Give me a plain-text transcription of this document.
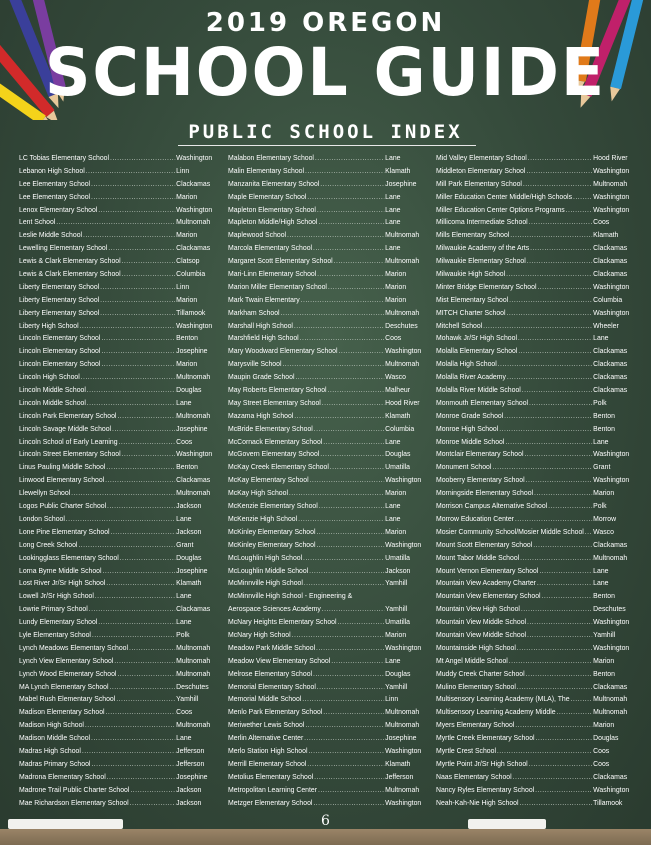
2019 OREGON
SCHOOL GUIDE
PUBLIC SCHOOL INDEX
LC Tobias Elementary School .....	Washington
Lebanon High School .....	Linn
Lee Elementary School .....	Clackamas
Lee Elementary School .....	Marion
Lenox Elementary School .....	Washington
Lent School .....	Multnomah
Leslie Middle School .....	Marion
Lewelling Elementary School .....	Clackamas
Lewis & Clark Elementary School .....	Clatsop
Lewis & Clark Elementary School .....	Columbia
Liberty Elementary School .....	Linn
Liberty Elementary School .....	Marion
Liberty Elementary School .....	Tillamook
Liberty High School .....	Washington
Lincoln Elementary School .....	Benton
Lincoln Elementary School .....	Josephine
Lincoln Elementary School .....	Marion
Lincoln High School .....	Multnomah
Lincoln Middle School .....	Douglas
Lincoln Middle School .....	Lane
Lincoln Park Elementary School .....	Multnomah
Lincoln Savage Middle School .....	Josephine
Lincoln School of Early Learning .....	Coos
Lincoln Street Elementary School .....	Washington
Linus Pauling Middle School .....	Benton
Linwood Elementary School .....	Clackamas
Llewellyn School .....	Multnomah
Logos Public Charter School .....	Jackson
London School .....	Lane
Lone Pine Elementary School .....	Jackson
Long Creek School .....	Grant
Lookingglass Elementary School .....	Douglas
Lorna Byrne Middle School .....	Josephine
Lost River Jr/Sr High School .....	Klamath
Lowell Jr/Sr High School .....	Lane
Lowrie Primary School .....	Clackamas
Lundy Elementary School .....	Lane
Lyle Elementary School .....	Polk
Lynch Meadows Elementary School .....	Multnomah
Lynch View Elementary School .....	Multnomah
Lynch Wood Elementary School .....	Multnomah
MA Lynch Elementary School .....	Deschutes
Mabel Rush Elementary School .....	Yamhill
Madison Elementary School .....	Coos
Madison High School .....	Multnomah
Madison Middle School .....	Lane
Madras High School .....	Jefferson
Madras Primary School .....	Jefferson
Madrona Elementary School .....	Josephine
Madrone Trail Public Charter School .....	Jackson
Mae Richardson Elementary School .....	Jackson
Malabon Elementary School .....	Lane
Malin Elementary School .....	Klamath
Manzanita Elementary School .....	Josephine
Maple Elementary School .....	Lane
Mapleton Elementary School .....	Lane
Mapleton Middle/High School .....	Lane
Maplewood School .....	Multnomah
Marcola Elementary School .....	Lane
Margaret Scott Elementary School .....	Multnomah
Mari-Linn Elementary School .....	Marion
Marion Miller Elementary School .....	Marion
Mark Twain Elementary .....	Marion
Markham School .....	Multnomah
Marshall High School .....	Deschutes
Marshfield High School .....	Coos
Mary Woodward Elementary School .....	Washington
Marysville School .....	Multnomah
Maupin Grade School .....	Wasco
May Roberts Elementary School .....	Malheur
May Street Elementary School .....	Hood River
Mazama High School .....	Klamath
McBride Elementary School .....	Columbia
McCornack Elementary School .....	Lane
McGovern Elementary School .....	Douglas
McKay Creek Elementary School .....	Umatilla
McKay Elementary School .....	Washington
McKay High School .....	Marion
McKenzie Elementary School .....	Lane
McKenzie High School .....	Lane
McKinley Elementary School .....	Marion
McKinley Elementary School .....	Washington
McLoughlin High School .....	Umatilla
McLoughlin Middle School .....	Jackson
McMinnville High School .....	Yamhill
McMinnville High School - Engineering &
Aerospace Sciences Academy .....	Yamhill
McNary Heights Elementary School .....	Umatilla
McNary High School .....	Marion
Meadow Park Middle School .....	Washington
Meadow View Elementary School .....	Lane
Melrose Elementary School .....	Douglas
Memorial Elementary School .....	Yamhill
Memorial Middle School .....	Linn
Menlo Park Elementary School .....	Multnomah
Meriwether Lewis School .....	Multnomah
Merlin Alternative Center .....	Josephine
Merlo Station High School .....	Washington
Merrill Elementary School .....	Klamath
Metolius Elementary School .....	Jefferson
Metropolitan Learning Center .....	Multnomah
Metzger Elementary School .....	Washington
Mid Valley Elementary School .....	Hood River
Middleton Elementary School .....	Washington
Mill Park Elementary School .....	Multnomah
Miller Education Center Middle/High Schools .....	Washington
Miller Education Center Options Programs .....	Washington
Millicoma Intermediate School .....	Coos
Mills Elementary School .....	Klamath
Milwaukie Academy of the Arts .....	Clackamas
Milwaukie Elementary School .....	Clackamas
Milwaukie High School .....	Clackamas
Minter Bridge Elementary School .....	Washington
Mist Elementary School .....	Columbia
MITCH Charter School .....	Washington
Mitchell School .....	Wheeler
Mohawk Jr/Sr High School .....	Lane
Molalla Elementary School .....	Clackamas
Molalla High School .....	Clackamas
Molalla River Academy .....	Clackamas
Molalla River Middle School .....	Clackamas
Monmouth Elementary School .....	Polk
Monroe Grade School .....	Benton
Monroe High School .....	Benton
Monroe Middle School .....	Lane
Montclair Elementary School .....	Washington
Monument School .....	Grant
Mooberry Elementary School .....	Washington
Morningside Elementary School .....	Marion
Morrison Campus Alternative School .....	Polk
Morrow Education Center .....	Morrow
Mosier Community School/Mosier Middle School ..... Wasco
Mount Scott Elementary School .....	Clackamas
Mount Tabor Middle School .....	Multnomah
Mount Vernon Elementary School .....	Lane
Mountain View Academy Charter .....	Lane
Mountain View Elementary School .....	Benton
Mountain View High School .....	Deschutes
Mountain View Middle School .....	Washington
Mountain View Middle School .....	Yamhill
Mountainside High School .....	Washington
Mt Angel Middle School .....	Marion
Muddy Creek Charter School .....	Benton
Mulino Elementary School .....	Clackamas
Multisensory Learning Academy (MLA), The .....	Multnomah
Multisensory Learning Academy Middle .....	Multnomah
Myers Elementary School .....	Marion
Myrtle Creek Elementary School .....	Douglas
Myrtle Crest School .....	Coos
Myrtle Point Jr/Sr High School .....	Coos
Naas Elementary School .....	Clackamas
Nancy Ryles Elementary School .....	Washington
Neah-Kah-Nie High School .....	Tillamook

6
